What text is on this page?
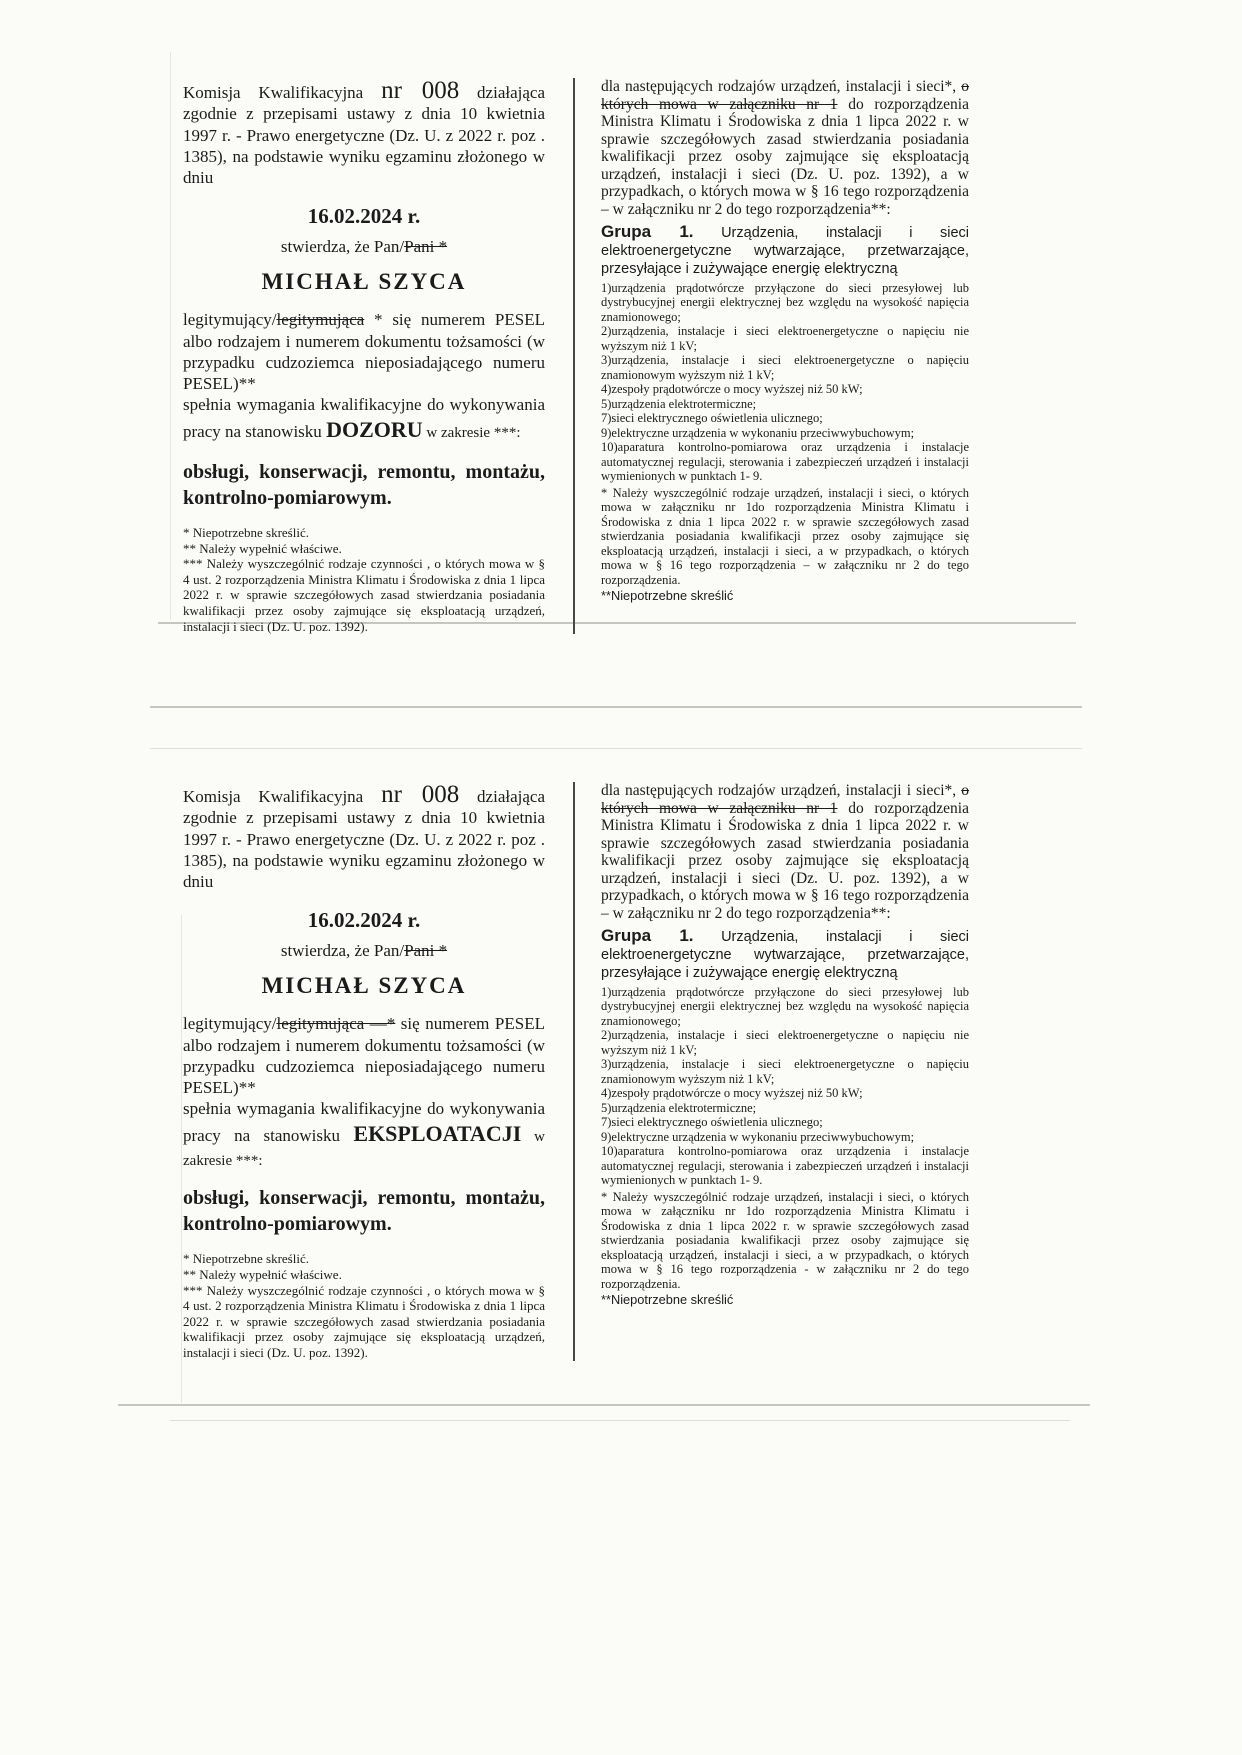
Komisja Kwalifikacyjna nr 008 działająca zgodnie z przepisami ustawy z dnia 10 kwietnia 1997 r. - Prawo energetyczne (Dz. U. z 2022 r. poz . 1385), na podstawie wyniku egzaminu złożonego w dniu

16.02.2024 r.

stwierdza, że Pan/Pani *

MICHAŁ SZYCA

legitymujący/legitymująca * się numerem PESEL albo rodzajem i numerem dokumentu tożsamości (w przypadku cudzoziemca nieposiadającego numeru PESEL)**

spełnia wymagania kwalifikacyjne do wykonywania pracy na stanowisku DOZORU w zakresie ***:

obsługi, konserwacji, remontu, montażu, kontrolno-pomiarowym.

* Niepotrzebne skreślić.

** Należy wypełnić właściwe.

*** Należy wyszczególnić rodzaje czynności , o których mowa w § 4 ust. 2 rozporządzenia Ministra Klimatu i Środowiska z dnia 1 lipca 2022 r. w sprawie szczegółowych zasad stwierdzania posiadania kwalifikacji przez osoby zajmujące się eksploatacją urządzeń, instalacji i sieci (Dz. U. poz. 1392).

dla następujących rodzajów urządzeń, instalacji i sieci*, o których mowa w załączniku nr 1 do rozporządzenia Ministra Klimatu i Środowiska z dnia 1 lipca 2022 r. w sprawie szczegółowych zasad stwierdzania posiadania kwalifikacji przez osoby zajmujące się eksploatacją urządzeń, instalacji i sieci (Dz. U. poz. 1392), a w przypadkach, o których mowa w § 16 tego rozporządzenia – w załączniku nr 2 do tego rozporządzenia**:

Grupa 1. Urządzenia, instalacji i sieci elektroenergetyczne wytwarzające, przetwarzające, przesyłające i zużywające energię elektryczną

1)urządzenia prądotwórcze przyłączone do sieci przesyłowej lub dystrybucyjnej energii elektrycznej bez względu na wysokość napięcia znamionowego;

2)urządzenia, instalacje i sieci elektroenergetyczne o napięciu nie wyższym niż 1 kV;

3)urządzenia, instalacje i sieci elektroenergetyczne o napięciu znamionowym wyższym niż 1 kV;

4)zespoły prądotwórcze o mocy wyższej niż 50 kW;

5)urządzenia elektrotermiczne;

7)sieci elektrycznego oświetlenia ulicznego;

9)elektryczne urządzenia w wykonaniu przeciwwybuchowym;

10)aparatura kontrolno-pomiarowa oraz urządzenia i instalacje automatycznej regulacji, sterowania i zabezpieczeń urządzeń i instalacji wymienionych w punktach 1- 9.

* Należy wyszczególnić rodzaje urządzeń, instalacji i sieci, o których mowa w załączniku nr 1do rozporządzenia Ministra Klimatu i Środowiska z dnia 1 lipca 2022 r. w sprawie szczegółowych zasad stwierdzania posiadania kwalifikacji przez osoby zajmujące się eksploatacją urządzeń, instalacji i sieci, a w przypadkach, o których mowa w § 16 tego rozporządzenia – w załączniku nr 2 do tego rozporządzenia.

**Niepotrzebne skreślić

Komisja Kwalifikacyjna nr 008 działająca zgodnie z przepisami ustawy z dnia 10 kwietnia 1997 r. - Prawo energetyczne (Dz. U. z 2022 r. poz . 1385), na podstawie wyniku egzaminu złożonego w dniu

16.02.2024 r.

stwierdza, że Pan/Pani *

MICHAŁ SZYCA

legitymujący/legitymująca —* się numerem PESEL albo rodzajem i numerem dokumentu tożsamości (w przypadku cudzoziemca nieposiadającego numeru PESEL)**

spełnia wymagania kwalifikacyjne do wykonywania pracy na stanowisku EKSPLOATACJI w zakresie ***:

obsługi, konserwacji, remontu, montażu, kontrolno-pomiarowym.

* Niepotrzebne skreślić.

** Należy wypełnić właściwe.

*** Należy wyszczególnić rodzaje czynności , o których mowa w § 4 ust. 2 rozporządzenia Ministra Klimatu i Środowiska z dnia 1 lipca 2022 r. w sprawie szczegółowych zasad stwierdzania posiadania kwalifikacji przez osoby zajmujące się eksploatacją urządzeń, instalacji i sieci (Dz. U. poz. 1392).

dla następujących rodzajów urządzeń, instalacji i sieci*, o których mowa w załączniku nr 1 do rozporządzenia Ministra Klimatu i Środowiska z dnia 1 lipca 2022 r. w sprawie szczegółowych zasad stwierdzania posiadania kwalifikacji przez osoby zajmujące się eksploatacją urządzeń, instalacji i sieci (Dz. U. poz. 1392), a w przypadkach, o których mowa w § 16 tego rozporządzenia – w załączniku nr 2 do tego rozporządzenia**:

Grupa 1. Urządzenia, instalacji i sieci elektroenergetyczne wytwarzające, przetwarzające, przesyłające i zużywające energię elektryczną

1)urządzenia prądotwórcze przyłączone do sieci przesyłowej lub dystrybucyjnej energii elektrycznej bez względu na wysokość napięcia znamionowego;

2)urządzenia, instalacje i sieci elektroenergetyczne o napięciu nie wyższym niż 1 kV;

3)urządzenia, instalacje i sieci elektroenergetyczne o napięciu znamionowym wyższym niż 1 kV;

4)zespoły prądotwórcze o mocy wyższej niż 50 kW;

5)urządzenia elektrotermiczne;

7)sieci elektrycznego oświetlenia ulicznego;

9)elektryczne urządzenia w wykonaniu przeciwwybuchowym;

10)aparatura kontrolno-pomiarowa oraz urządzenia i instalacje automatycznej regulacji, sterowania i zabezpieczeń urządzeń i instalacji wymienionych w punktach 1- 9.

* Należy wyszczególnić rodzaje urządzeń, instalacji i sieci, o których mowa w załączniku nr 1do rozporządzenia Ministra Klimatu i Środowiska z dnia 1 lipca 2022 r. w sprawie szczegółowych zasad stwierdzania posiadania kwalifikacji przez osoby zajmujące się eksploatacją urządzeń, instalacji i sieci, a w przypadkach, o których mowa w § 16 tego rozporządzenia - w załączniku nr 2 do tego rozporządzenia.

**Niepotrzebne skreślić
